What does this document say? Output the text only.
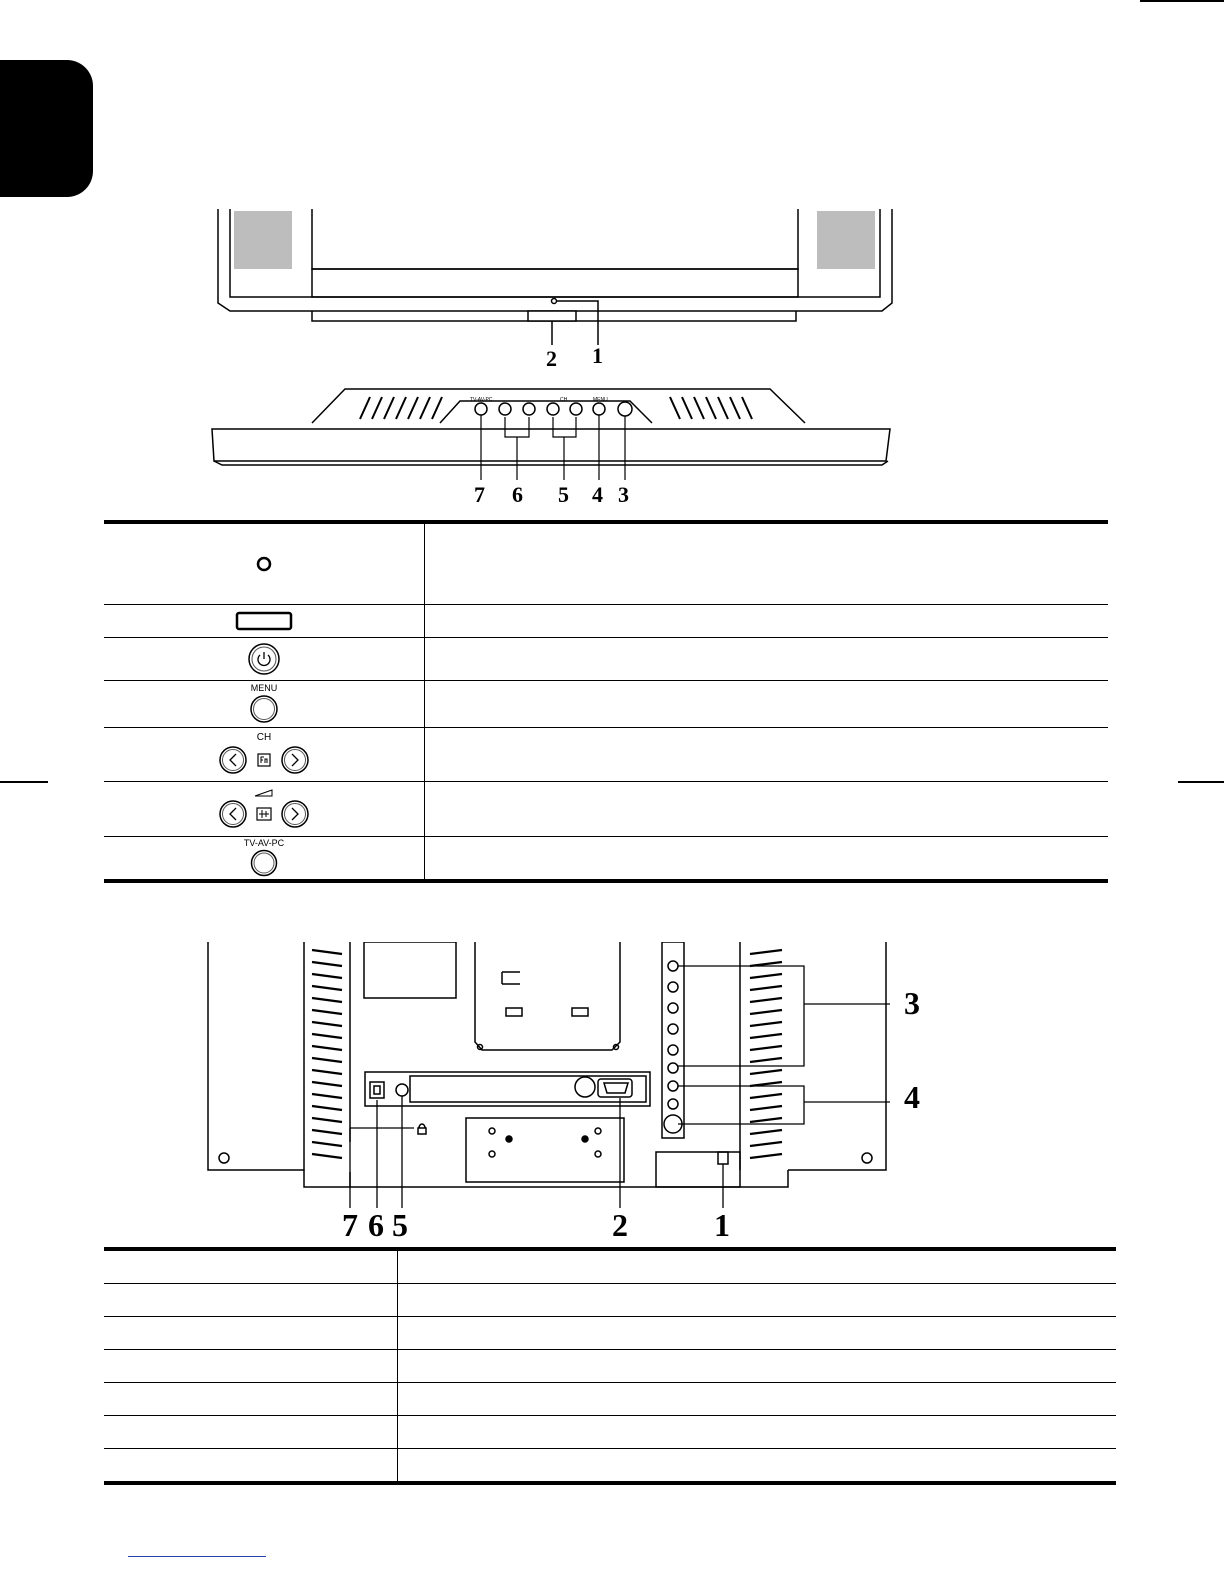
2 1
TV-AV-PC	CH	MENU
7 6 5 4 3

MENU	

CH	

TV-AV-PC	

3
4
7 6 5	2	1
